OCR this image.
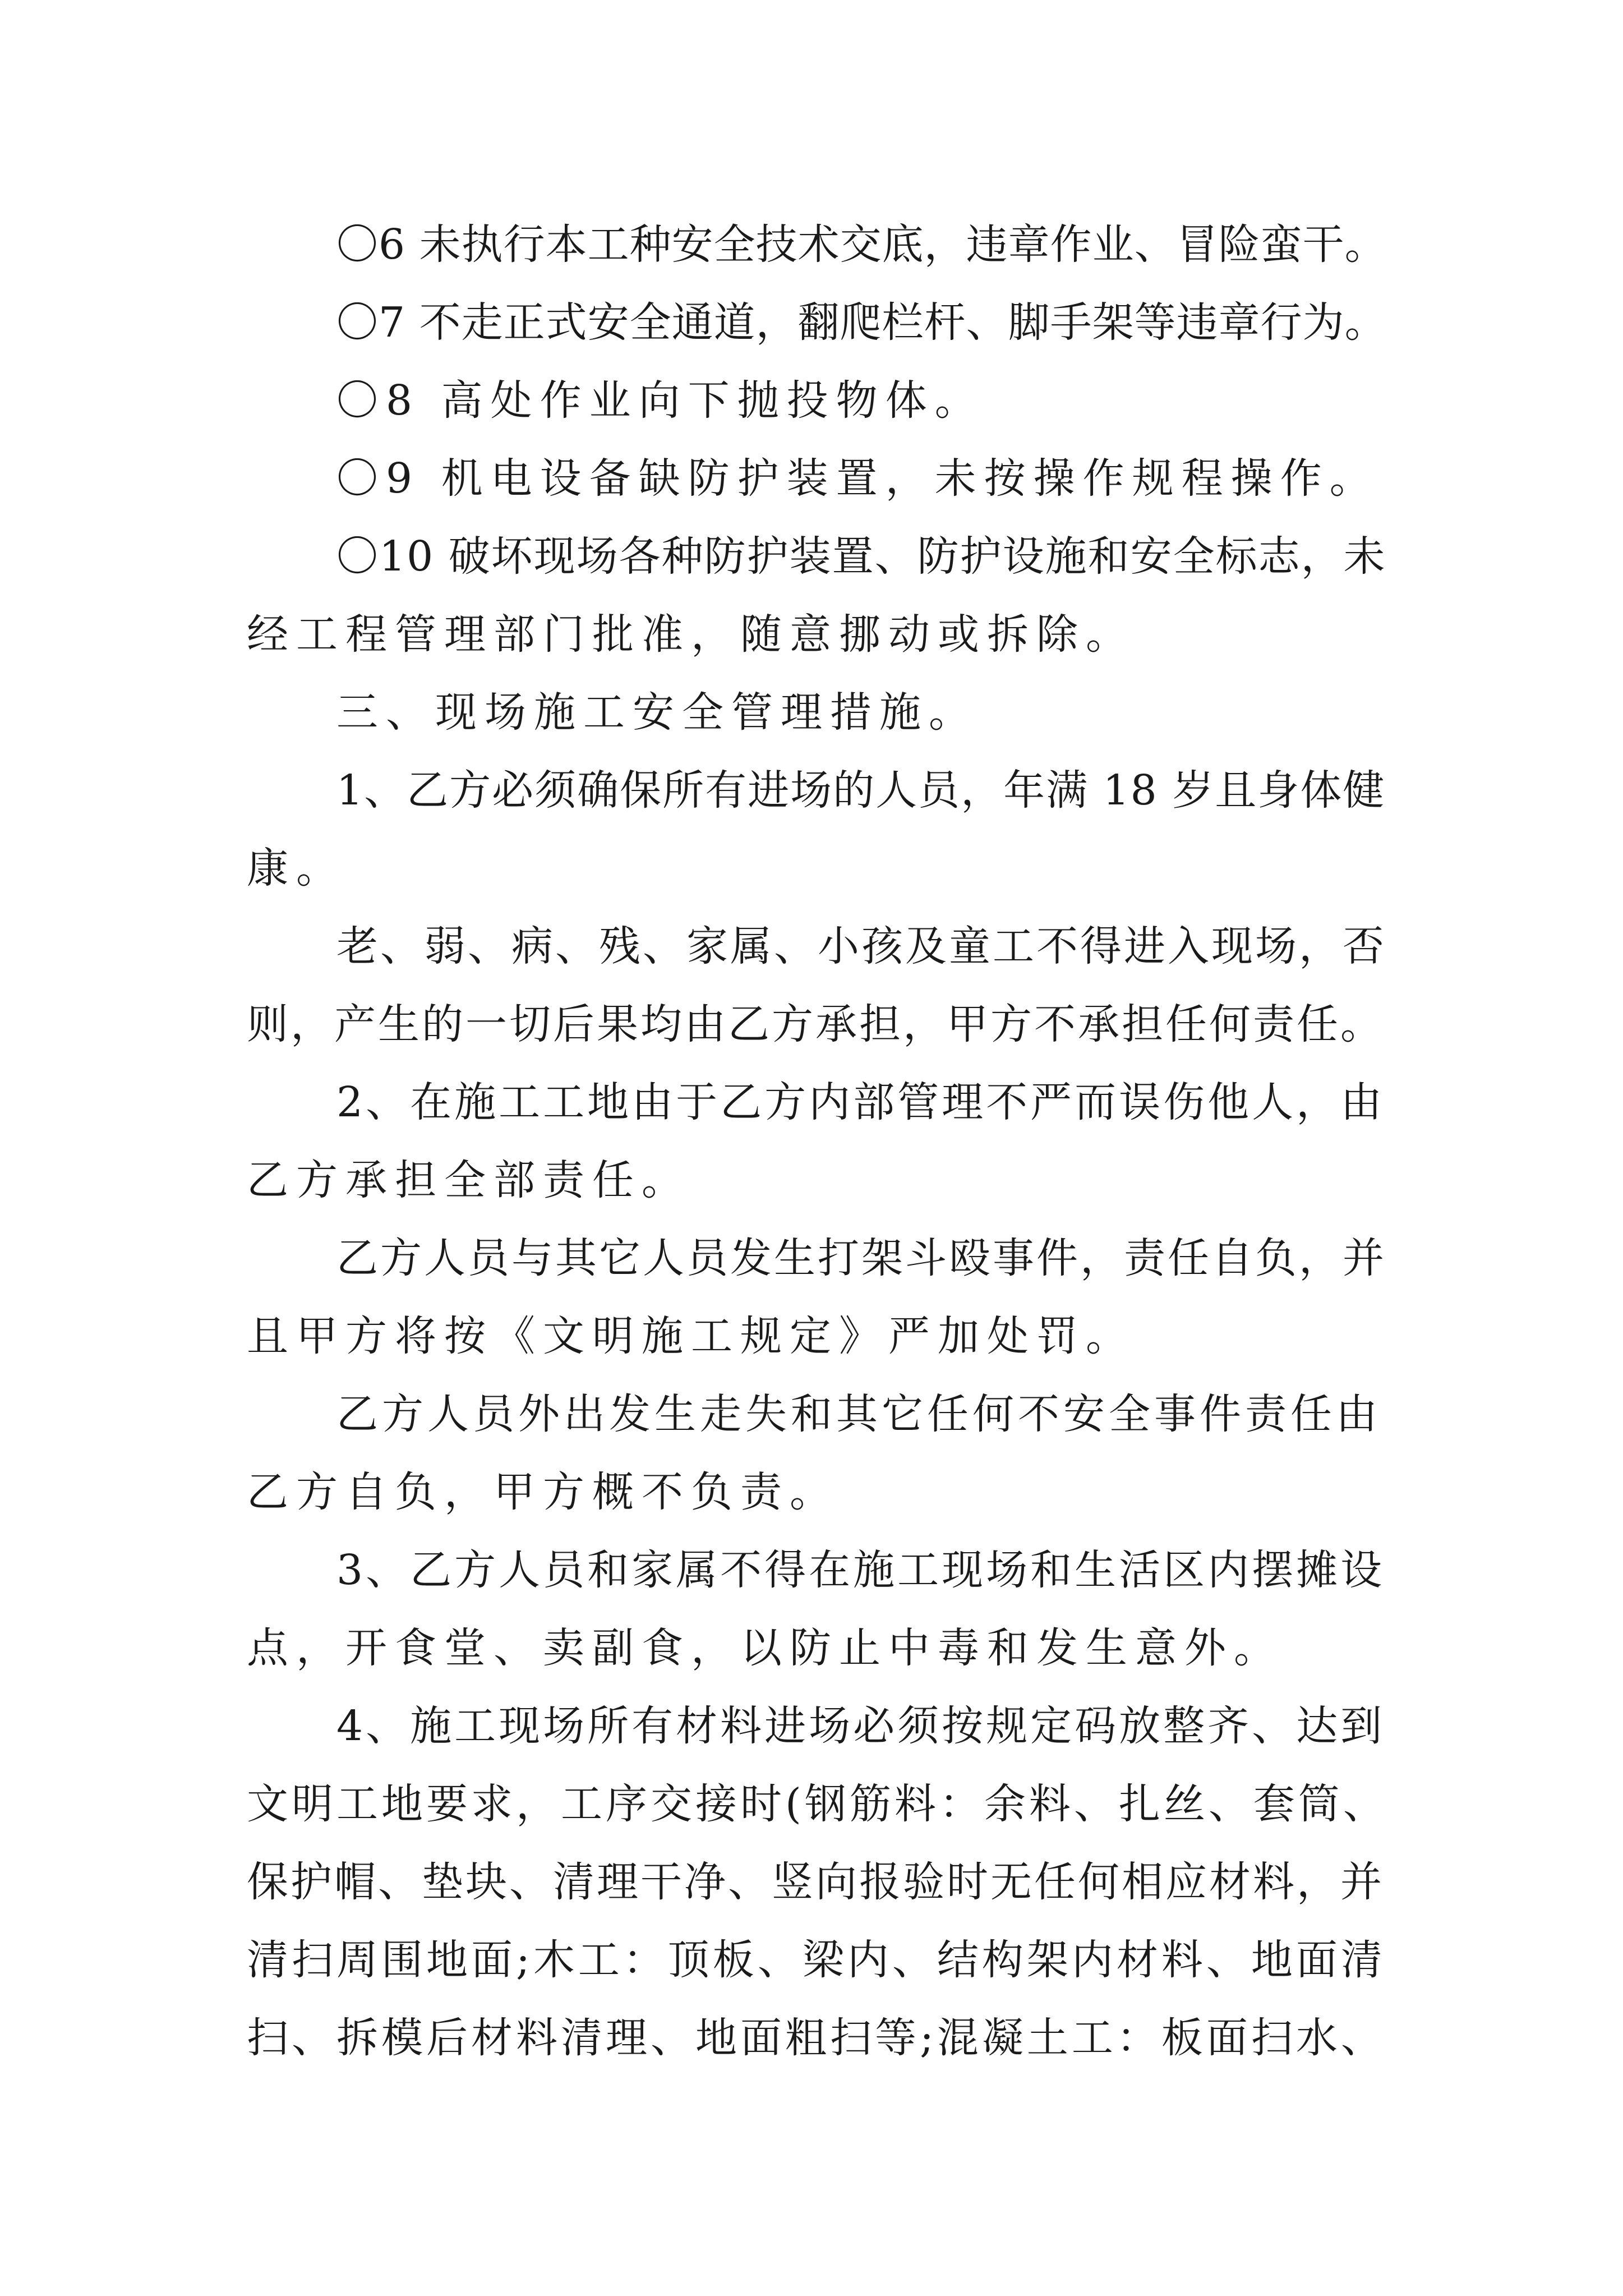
〇6 未执行本工种安全技术交底，违章作业、冒险蛮干。
〇7 不走正式安全通道，翻爬栏杆、脚手架等违章行为。
〇8 高处作业向下抛投物体。
〇9 机电设备缺防护装置，未按操作规程操作。
〇10 破坏现场各种防护装置、防护设施和安全标志，未
经工程管理部门批准，随意挪动或拆除。
三、现场施工安全管理措施。
1、乙方必须确保所有进场的人员，年满 18 岁且身体健
康。
老、弱、病、残、家属、小孩及童工不得进入现场，否
则，产生的一切后果均由乙方承担，甲方不承担任何责任。
2、在施工工地由于乙方内部管理不严而误伤他人，由
乙方承担全部责任。
乙方人员与其它人员发生打架斗殴事件，责任自负，并
且甲方将按《文明施工规定》严加处罚。
乙方人员外出发生走失和其它任何不安全事件责任由
乙方自负，甲方概不负责。
3、乙方人员和家属不得在施工现场和生活区内摆摊设
点，开食堂、卖副食，以防止中毒和发生意外。
4、施工现场所有材料进场必须按规定码放整齐、达到
文明工地要求，工序交接时(钢筋料：余料、扎丝、套筒、
保护帽、垫块、清理干净、竖向报验时无任何相应材料，并
清扫周围地面;木工：顶板、梁内、结构架内材料、地面清
扫、拆模后材料清理、地面粗扫等;混凝土工：板面扫水、
